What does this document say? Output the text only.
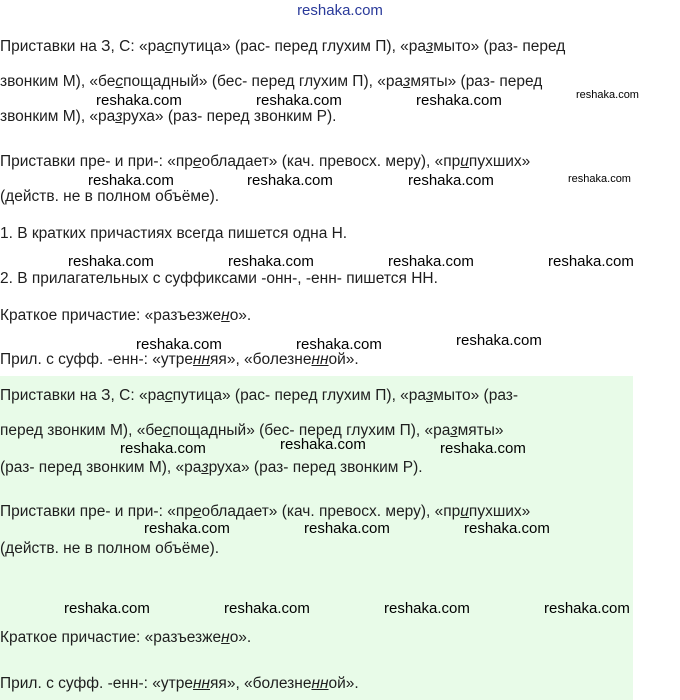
reshaka.com
Приставки на З, С: «распутица» (рас- перед глухим П), «размыто» (раз- перед
звонким М), «беспощадный» (бес- перед глухим П), «размяты» (раз- перед
звонким М), «разруха» (раз- перед звонким Р).
Приставки пре- и при-: «преобладает» (кач. превосх. меру), «припухших»
(действ. не в полном объёме).
1. В кратких причастиях всегда пишется одна Н.
2. В прилагательных с суффиксами -онн-, -енн- пишется НН.
Краткое причастие: «разъезжено».
Прил. с суфф. -енн-: «утренняя», «болезненной».
Приставки на З, С: «распутица» (рас- перед глухим П), «размыто» (раз-
перед звонким М), «беспощадный» (бес- перед глухим П), «размяты»
(раз- перед звонким М), «разруха» (раз- перед звонким Р).
Приставки пре- и при-: «преобладает» (кач. превосх. меру), «припухших»
(действ. не в полном объёме).
Краткое причастие: «разъезжено».
Прил. с суфф. -енн-: «утренняя», «болезненной».
reshaka.com	reshaka.com	reshaka.com	reshaka.com
reshaka.com	reshaka.com	reshaka.com	reshaka.com
reshaka.com	reshaka.com	reshaka.com	reshaka.com
reshaka.com	reshaka.com	reshaka.com
reshaka.com	reshaka.com	reshaka.com
reshaka.com	reshaka.com	reshaka.com
reshaka.com	reshaka.com	reshaka.com	reshaka.com
